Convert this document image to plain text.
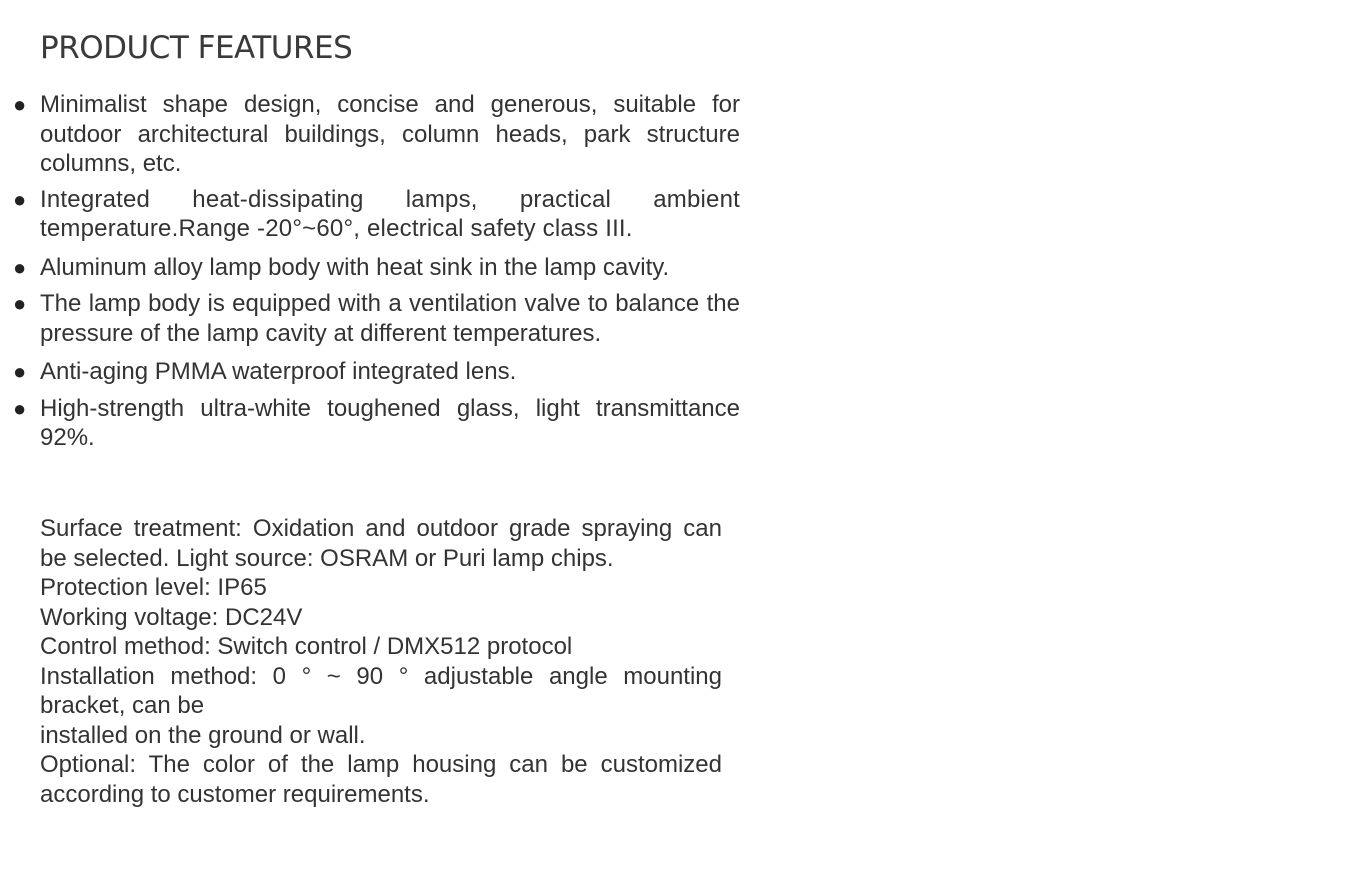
PRODUCT FEATURES
● Minimalist shape design, concise and generous, suitable for outdoor architectural buildings, column heads, park structure columns, etc.
● Integrated heat-dissipating lamps, practical ambient temperature.Range -20°~60°, electrical safety class III.
● Aluminum alloy lamp body with heat sink in the lamp cavity.
● The lamp body is equipped with a ventilation valve to balance the pressure of the lamp cavity at different temperatures.
● Anti-aging PMMA waterproof integrated lens.
● High-strength ultra-white toughened glass, light transmittance 92%.

Surface treatment: Oxidation and outdoor grade spraying can be selected. Light source: OSRAM or Puri lamp chips.

Protection level: IP65

Working voltage: DC24V

Control method: Switch control / DMX512 protocol

Installation method: 0 ° ~ 90 ° adjustable angle mounting bracket, can be

installed on the ground or wall.

Optional: The color of the lamp housing can be customized according to customer requirements.
